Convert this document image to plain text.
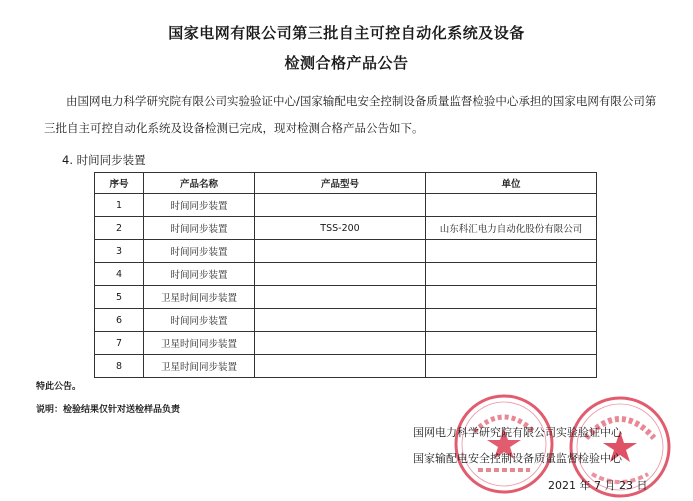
国家电网有限公司第三批自主可控自动化系统及设备
检测合格产品公告
由国网电力科学研究院有限公司实验验证中心/国家输配电安全控制设备质量监督检验中心承担的国家电网有限公司第三批自主可控自动化系统及设备检测已完成，现对检测合格产品公告如下。
4. 时间同步装置
序号	产品名称	产品型号	单位
1	时间同步装置		
2	时间同步装置	TSS-200	山东科汇电力自动化股份有限公司
3	时间同步装置		
4	时间同步装置		
5	卫星时间同步装置		
6	时间同步装置		
7	卫星时间同步装置		
8	卫星时间同步装置		
特此公告。
说明：检验结果仅针对送检样品负责
国网电力科学研究院有限公司实验验证中心
国家输配电安全控制设备质量监督检验中心
2021 年 7 月 23 日
